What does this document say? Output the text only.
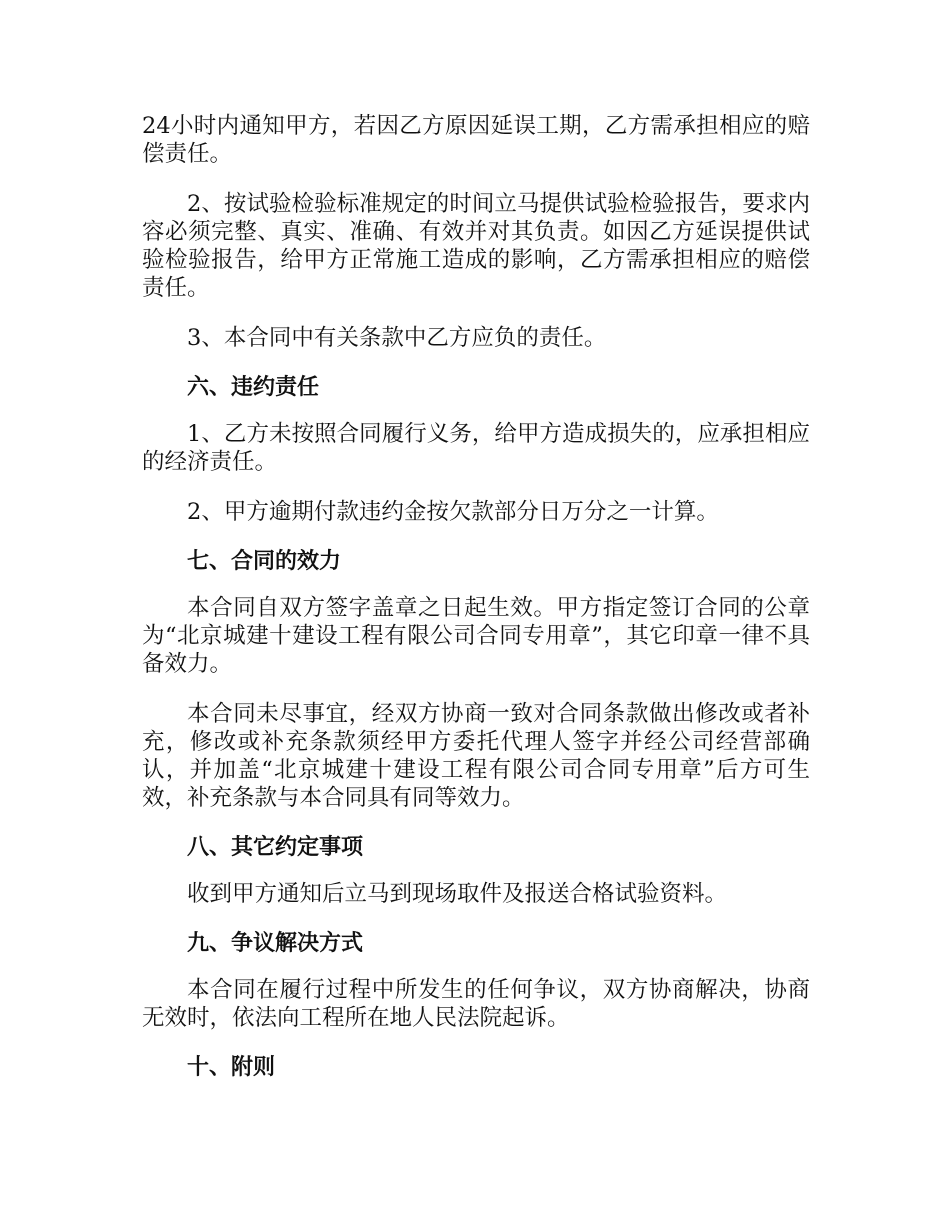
24小时内通知甲方，若因乙方原因延误工期，乙方需承担相应的赔偿责任。

2、按试验检验标准规定的时间立马提供试验检验报告，要求内容必须完整、真实、准确、有效并对其负责。如因乙方延误提供试验检验报告，给甲方正常施工造成的影响，乙方需承担相应的赔偿责任。

3、本合同中有关条款中乙方应负的责任。

六、违约责任

1、乙方未按照合同履行义务，给甲方造成损失的，应承担相应的经济责任。

2、甲方逾期付款违约金按欠款部分日万分之一计算。

七、合同的效力

本合同自双方签字盖章之日起生效。甲方指定签订合同的公章为“北京城建十建设工程有限公司合同专用章”，其它印章一律不具备效力。

本合同未尽事宜，经双方协商一致对合同条款做出修改或者补充，修改或补充条款须经甲方委托代理人签字并经公司经营部确认，并加盖“北京城建十建设工程有限公司合同专用章”后方可生效，补充条款与本合同具有同等效力。

八、其它约定事项

收到甲方通知后立马到现场取件及报送合格试验资料。

九、争议解决方式

本合同在履行过程中所发生的任何争议，双方协商解决，协商无效时，依法向工程所在地人民法院起诉。

十、附则
